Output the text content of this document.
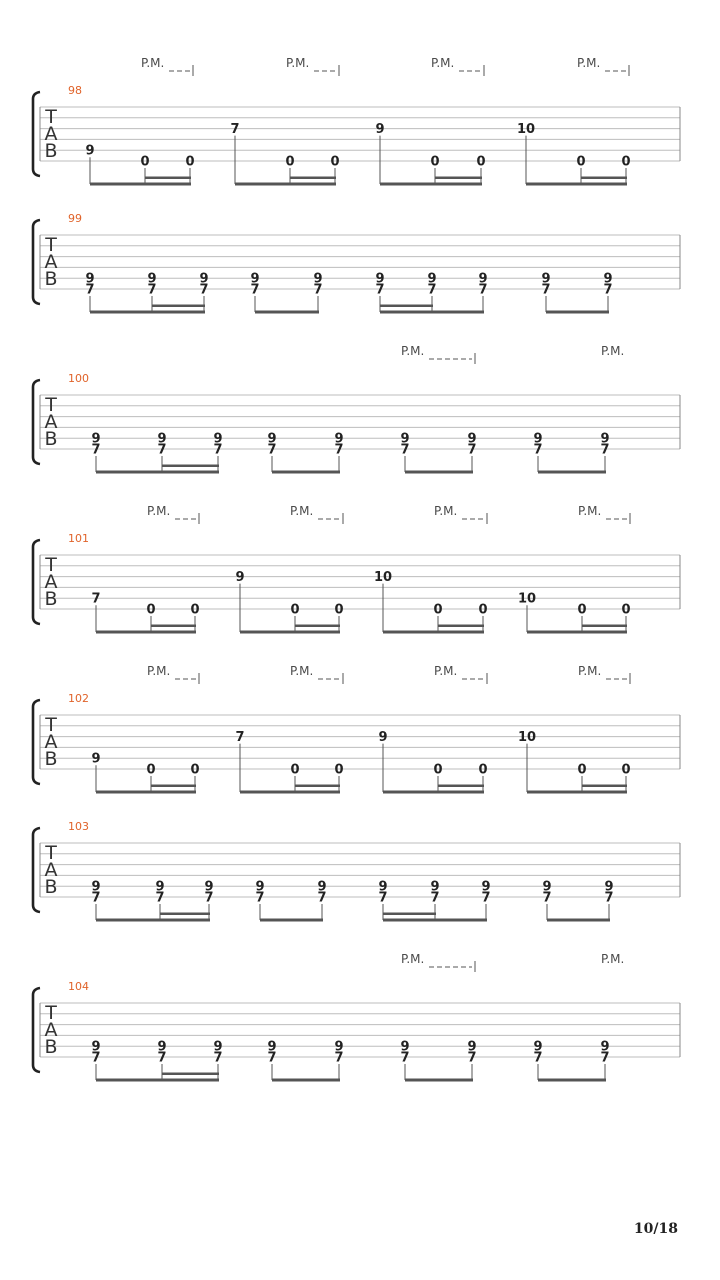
T
A
B
98
P.M.	P.M.	P.M.	P.M.
9
0	0
7
0	0
9
0	0
10
0	0
T
A
B
99
9
7
9
7
9
7
9
7
9
7
9
7
9
7
9
7
9
7
9
7
T
A
B
100
P.M.	P.M.
9
7
9
7
9
7
9
7
9
7
9
7
9
7
9
7
9
7
T
A
B
101
P.M.	P.M.	P.M.	P.M.
7
0	0
9
0	0
10
0	0
10
0	0
T
A
B
102
P.M.	P.M.	P.M.	P.M.
9
0	0
7
0	0
9
0	0
10
0	0
T
A
B
103
9
7
9
7
9
7
9
7
9
7
9
7
9
7
9
7
9
7
9
7
T
A
B
104
P.M.	P.M.
9
7
9
7
9
7
9
7
9
7
9
7
9
7
9
7
9
7
10/18
